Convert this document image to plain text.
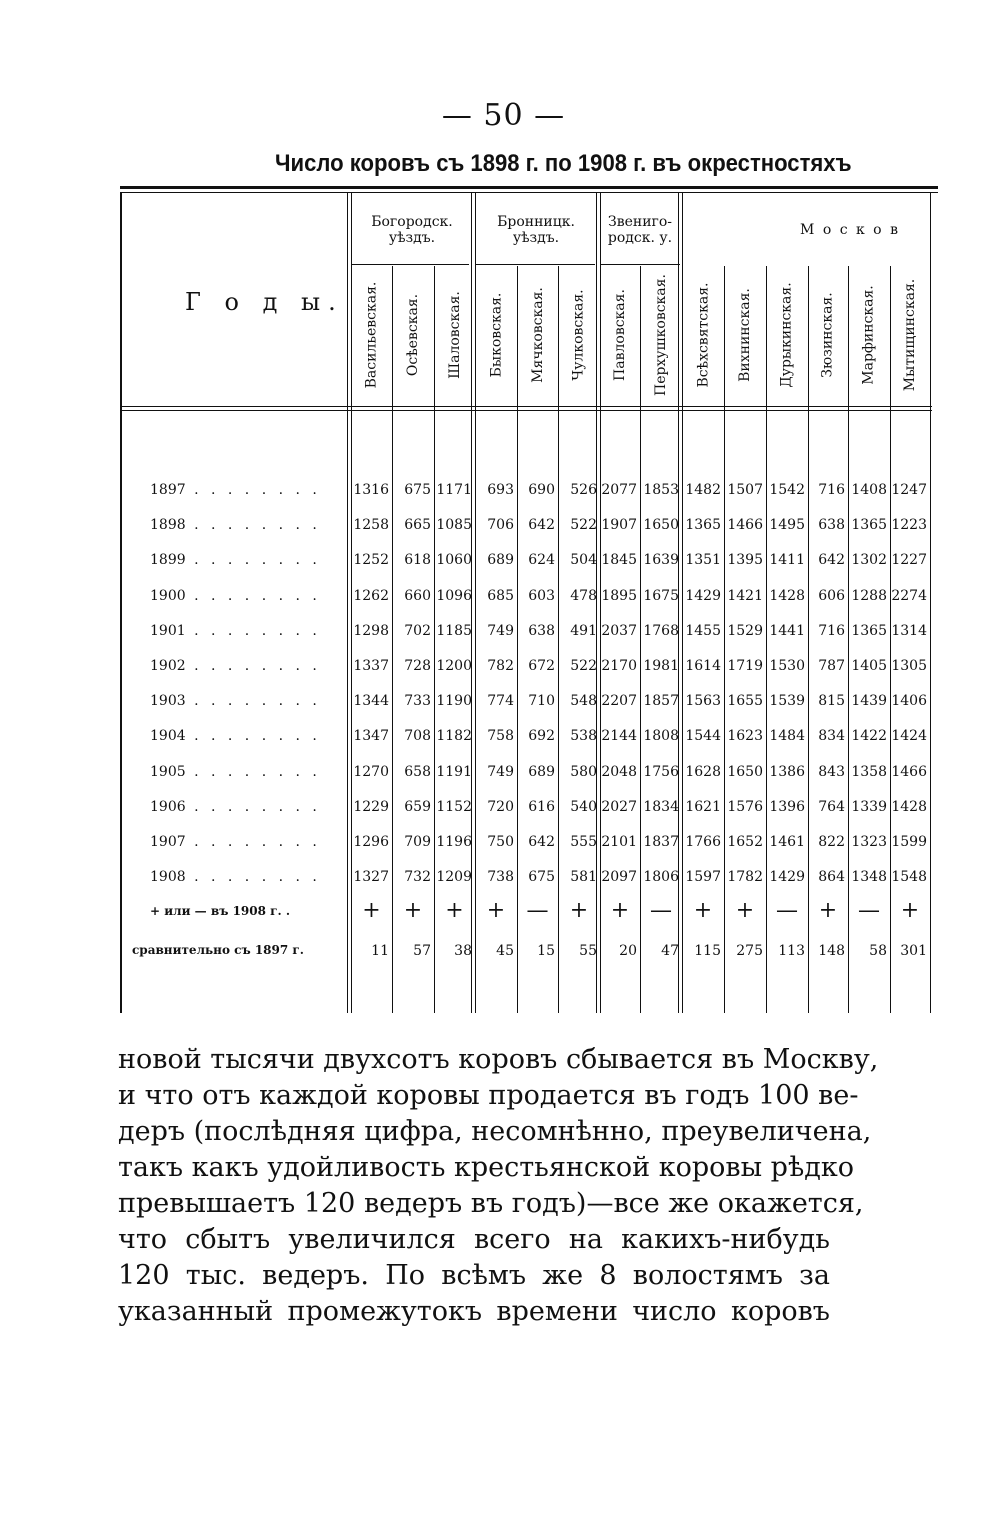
— 50 —
Число коровъ съ 1898 г. по 1908 г. въ окрестностяхъ
Г о д ы.
Богородск.
уѣздъ.
Бронницк.
уѣздъ.
Звениго-
родск. у.	М о с к о в
Васильевская. Осѣевская. Шаловская. Быковская. Мячковская. Чулковская. Павловская. Перхушковская. Всѣхсвятская. Вихнинская. Дурыкинская. Зюзинская. Марфинская. Мытищинская.
1897 . . . . . . . .	1316	675 1171	693	690	526 2077 1853 1482 1507 1542 716 1408 1247
1898 . . . . . . . .	1258	665 1085	706	642	522 1907 1650 1365 1466 1495 638 1365 1223
1899 . . . . . . . .	1252	618 1060	689	624	504 1845 1639 1351 1395 1411 642 1302 1227
1900 . . . . . . . .	1262	660 1096	685	603	478 1895 1675 1429 1421 1428 606 1288 2274
1901 . . . . . . . .	1298	702 1185	749	638	491 2037 1768 1455 1529 1441 716 1365 1314
1902 . . . . . . . .	1337	728 1200	782	672	522 2170 1981 1614 1719 1530 787 1405 1305
1903 . . . . . . . .	1344	733 1190	774	710	548 2207 1857 1563 1655 1539 815 1439 1406
1904 . . . . . . . .	1347	708 1182	758	692	538 2144 1808 1544 1623 1484 834 1422 1424
1905 . . . . . . . .	1270	658 1191	749	689	580 2048 1756 1628 1650 1386 843 1358 1466
1906 . . . . . . . .	1229	659 1152	720	616	540 2027 1834 1621 1576 1396 764 1339 1428
1907 . . . . . . . .	1296	709 1196	750	642	555 2101 1837 1766 1652 1461 822 1323 1599
1908 . . . . . . . .	1327	732 1209	738	675	581 2097 1806 1597 1782 1429 864 1348 1548
+ или — въ 1908 г. .	+	+	+	+ — +	+ — +	+ — + — +
сравнительно съ 1897 г.	11	57	38	45	15	55	20	47	115	275	113 148	58 301
новой тысячи двухсотъ коровъ сбывается въ Москву,
и что отъ каждой коровы продается въ годъ 100 ве-
деръ (послѣдняя цифра, несомнѣнно, преувеличена,
такъ какъ удойливость крестьянской коровы рѣдко
превышаетъ 120 ведеръ въ годъ)—все же окажется,
что сбытъ увеличился всего на какихъ-нибудь
120 тыс. ведеръ. По всѣмъ же 8 волостямъ за
указанный промежутокъ времени число коровъ
